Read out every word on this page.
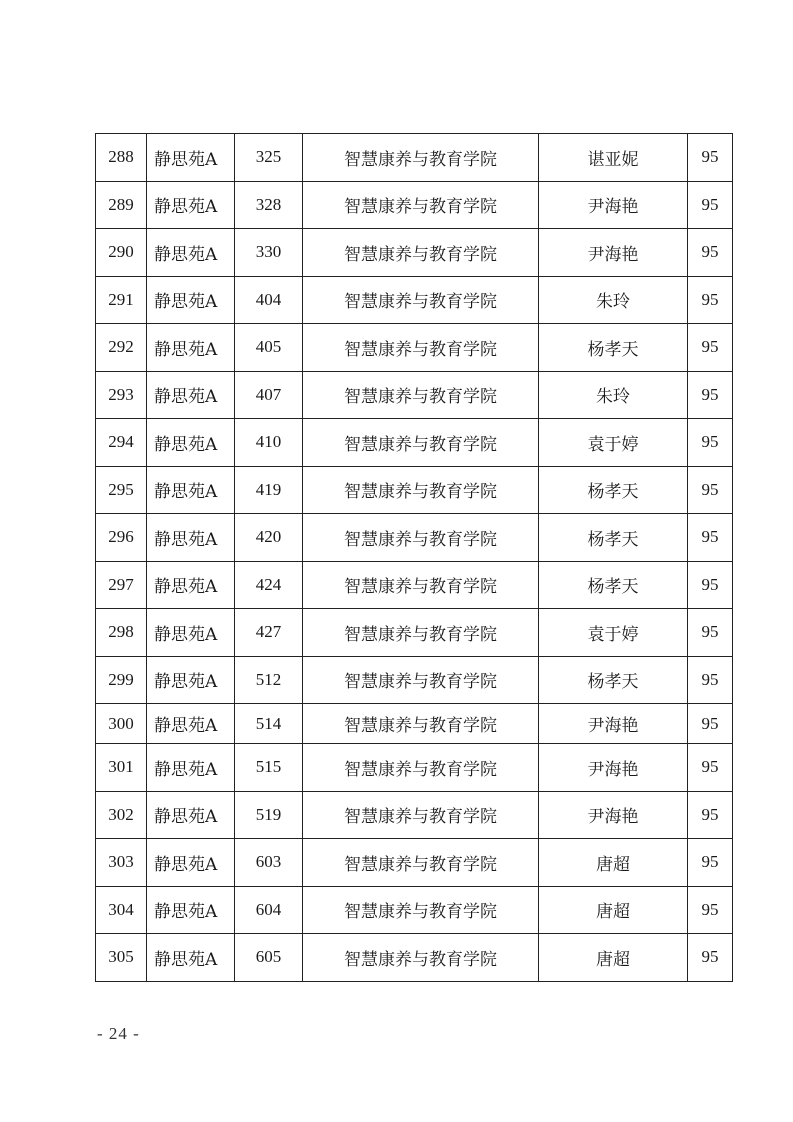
288	静思苑A	325	智慧康养与教育学院	谌亚妮	95
289	静思苑A	328	智慧康养与教育学院	尹海艳	95
290	静思苑A	330	智慧康养与教育学院	尹海艳	95
291	静思苑A	404	智慧康养与教育学院	朱玲	95
292	静思苑A	405	智慧康养与教育学院	杨孝天	95
293	静思苑A	407	智慧康养与教育学院	朱玲	95
294	静思苑A	410	智慧康养与教育学院	袁于婷	95
295	静思苑A	419	智慧康养与教育学院	杨孝天	95
296	静思苑A	420	智慧康养与教育学院	杨孝天	95
297	静思苑A	424	智慧康养与教育学院	杨孝天	95
298	静思苑A	427	智慧康养与教育学院	袁于婷	95
299	静思苑A	512	智慧康养与教育学院	杨孝天	95
300	静思苑A	514	智慧康养与教育学院	尹海艳	95
301	静思苑A	515	智慧康养与教育学院	尹海艳	95
302	静思苑A	519	智慧康养与教育学院	尹海艳	95
303	静思苑A	603	智慧康养与教育学院	唐超	95
304	静思苑A	604	智慧康养与教育学院	唐超	95
305	静思苑A	605	智慧康养与教育学院	唐超	95
- 24 -
